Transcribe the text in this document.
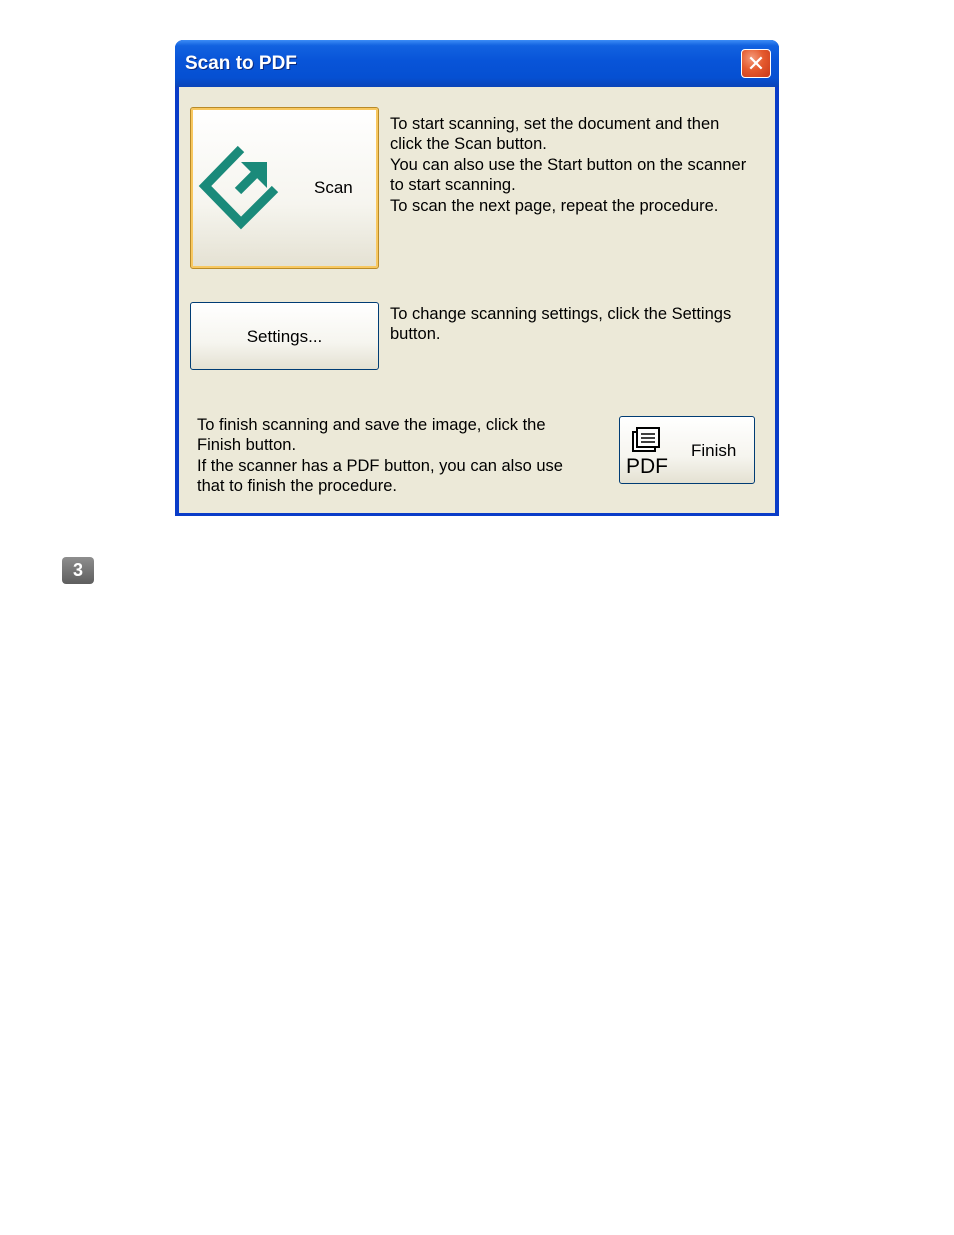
Scan to PDF	✕
Scan
To start scanning, set the document and then
click the Scan button.
You can also use the Start button on the scanner
to start scanning.
To scan the next page, repeat the procedure.
Settings...
To change scanning settings, click the Settings
button.
To finish scanning and save the image, click the
Finish button.
If the scanner has a PDF button, you can also use
that to finish the procedure.
PDF
Finish
3
